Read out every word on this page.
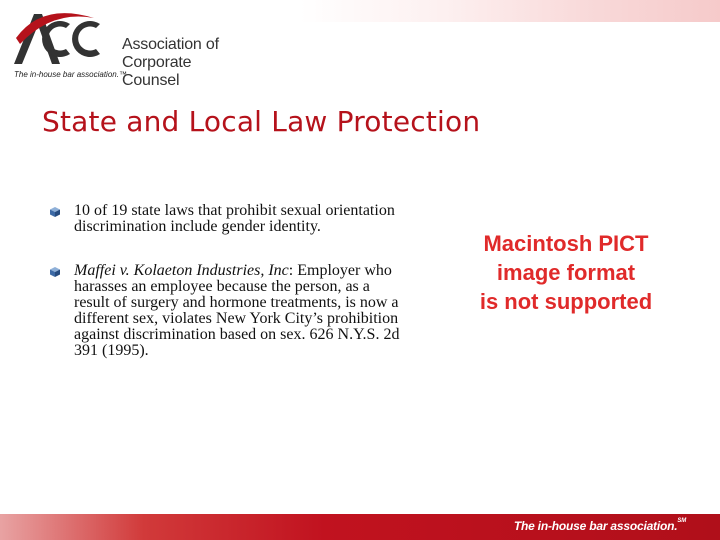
Association of
Corporate Counsel
The in-house bar association.™
State and Local Law Protection
10 of 19 state laws that prohibit sexual orientation discrimination include gender identity.
Maffei v. Kolaeton Industries, Inc: Employer who harasses an employee because the person, as a result of surgery and hormone treatments, is now a different sex, violates New York City’s prohibition against discrimination based on sex. 626 N.Y.S. 2d 391 (1995).
Macintosh PICT
image format
is not supported
The in-house bar association.℠
